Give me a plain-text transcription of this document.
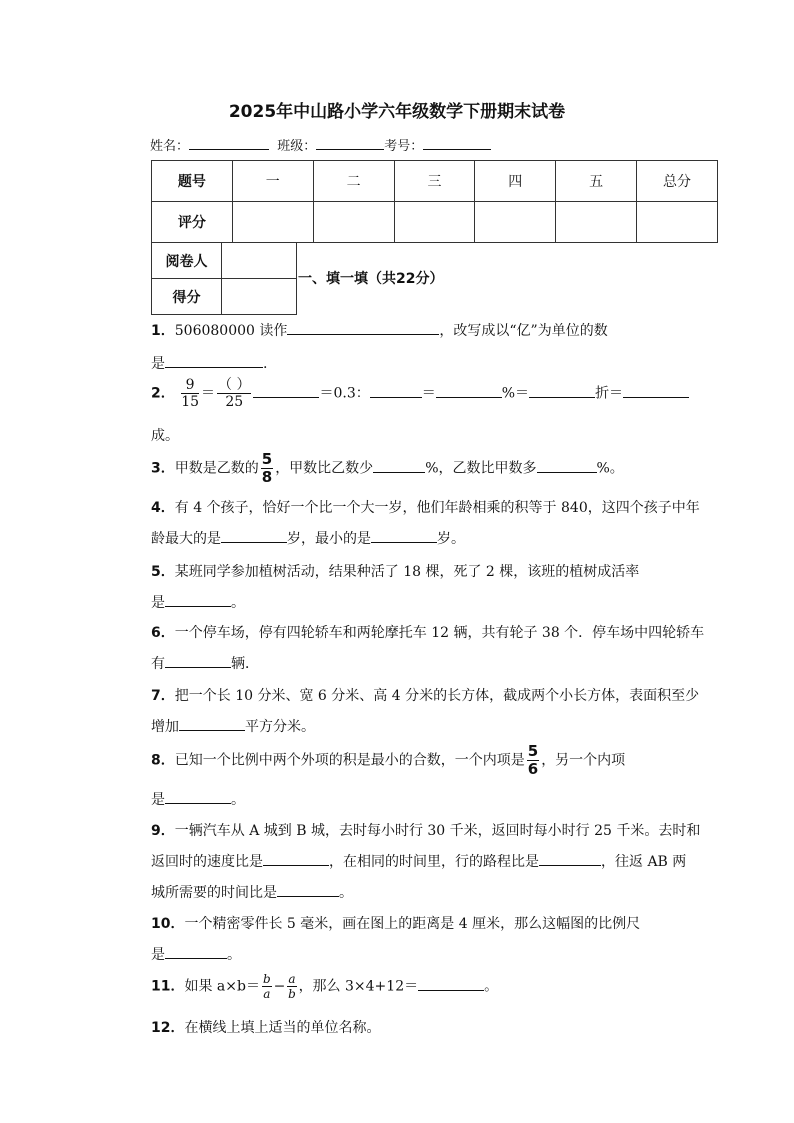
2025年中山路小学六年级数学下册期末试卷
姓名：	班级：	考号：
题号	一	二	三	四	五	总分
评分						
阅卷人	
得分	
一、填一填（共22分）
1．506080000 读作	，改写成以“亿”为单位的数
是	.
2． $\frac{9}{15} = \frac{( )}{25}$	＝0.3：	＝	%＝	折＝
成。
3．甲数是乙数的 $\frac{5}{8}$ ，甲数比乙数少	%，乙数比甲数多	%。
4．有 4 个孩子，恰好一个比一个大一岁，他们年龄相乘的积等于 840，这四个孩子中年
龄最大的是	岁，最小的是	岁。
5．某班同学参加植树活动，结果种活了 18 棵，死了 2 棵，该班的植树成活率
是	。
6．一个停车场，停有四轮轿车和两轮摩托车 12 辆，共有轮子 38 个．停车场中四轮轿车
有	辆．
7．把一个长 10 分米、宽 6 分米、高 4 分米的长方体，截成两个小长方体，表面积至少
增加	平方分米。
8．已知一个比例中两个外项的积是最小的合数，一个内项是 $\frac{5}{6}$ ，另一个内项
是	。
9．一辆汽车从 A 城到 B 城，去时每小时行 30 千米，返回时每小时行 25 千米。去时和
返回时的速度比是	，在相同的时间里，行的路程比是	，往返 AB 两
城所需要的时间比是	。
10．一个精密零件长 5 毫米，画在图上的距离是 4 厘米，那么这幅图的比例尺
是	。
11．如果 $a\times b= \frac{b}{a} - \frac{a}{b}$ ，那么 3×4+12＝	。
12．在横线上填上适当的单位名称。
